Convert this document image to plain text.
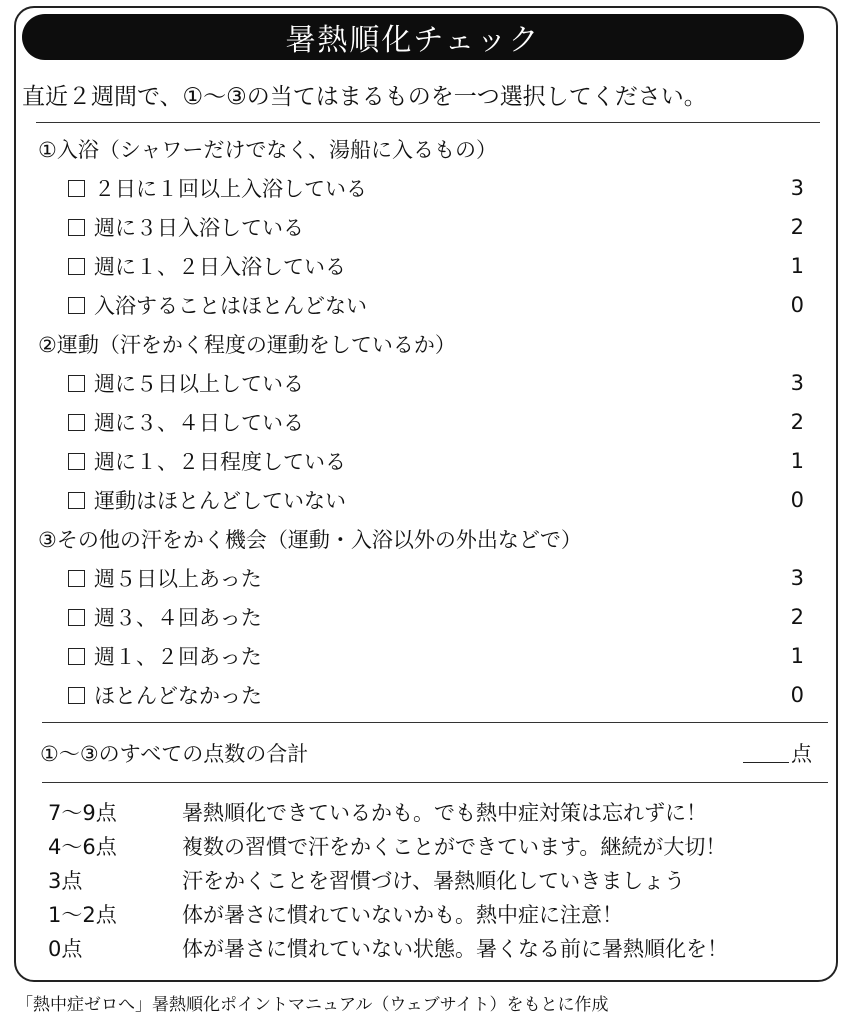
暑熱順化チェック
直近２週間で、①〜③の当てはまるものを一つ選択してください。
①入浴（シャワーだけでなく、湯船に入るもの）
２日に１回以上入浴している	3
週に３日入浴している	2
週に１、２日入浴している	1
入浴することはほとんどない	0
②運動（汗をかく程度の運動をしているか）
週に５日以上している	3
週に３、４日している	2
週に１、２日程度している	1
運動はほとんどしていない	0
③その他の汗をかく機会（運動・入浴以外の外出などで）
週５日以上あった	3
週３、４回あった	2
週１、２回あった	1
ほとんどなかった	0
①〜③のすべての点数の合計	点
7〜9点	暑熱順化できているかも。でも熱中症対策は忘れずに！
4〜6点	複数の習慣で汗をかくことができています。継続が大切！
3点	汗をかくことを習慣づけ、暑熱順化していきましょう
1〜2点	体が暑さに慣れていないかも。熱中症に注意！
0点	体が暑さに慣れていない状態。暑くなる前に暑熱順化を！
「熱中症ゼロへ」暑熱順化ポイントマニュアル（ウェブサイト）をもとに作成
